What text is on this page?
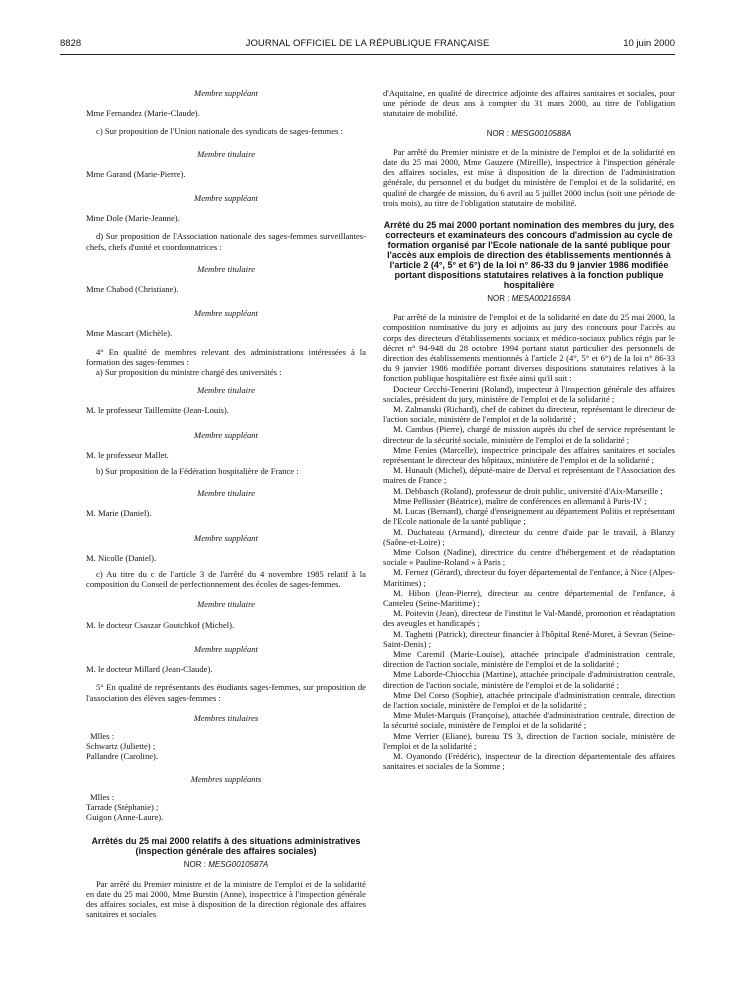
8828	JOURNAL OFFICIEL DE LA RÉPUBLIQUE FRANÇAISE	10 juin 2000

Membre suppléant

Mme Fernandez (Marie-Claude).

c) Sur proposition de l'Union nationale des syndicats de sages-femmes :

Membre titulaire

Mme Garand (Marie-Pierre).

Membre suppléant

Mme Dole (Marie-Jeanne).

d) Sur proposition de l'Association nationale des sages-femmes surveillantes-chefs, chefs d'unité et coordonnatrices :

Membre titulaire

Mme Chabod (Christiane).

Membre suppléant

Mme Mascart (Michèle).

4° En qualité de membres relevant des administrations intéressées à la formation des sages-femmes :

a) Sur proposition du ministre chargé des universités :

Membre titulaire

M. le professeur Taillemitte (Jean-Louis).

Membre suppléant

M. le professeur Mallet.

b) Sur proposition de la Fédération hospitalière de France :

Membre titulaire

M. Marie (Daniel).

Membre suppléant

M. Nicolle (Daniel).

c) Au titre du c de l'article 3 de l'arrêté du 4 novembre 1985 relatif à la composition du Conseil de perfectionnement des écoles de sages-femmes.

Membre titulaire

M. le docteur Csaszar Goutchkof (Michel).

Membre suppléant

M. le docteur Millard (Jean-Claude).

5° En qualité de représentants des étudiants sages-femmes, sur proposition de l'association des élèves sages-femmes :

Membres titulaires

Mlles :

Schwartz (Juliette) ;

Pallandre (Caroline).

Membres suppléants

Mlles :

Tarrade (Stéphanie) ;

Guigon (Anne-Laure).

Arrêtés du 25 mai 2000 relatifs à des situations administratives (inspection générale des affaires sociales)

NOR : MESG0010587A

Par arrêté du Premier ministre et de la ministre de l'emploi et de la solidarité en date du 25 mai 2000, Mme Burstin (Anne), inspectrice à l'inspection générale des affaires sociales, est mise à disposition de la direction régionale des affaires sanitaires et sociales

d'Aquitaine, en qualité de directrice adjointe des affaires sanitaires et sociales, pour une période de deux ans à compter du 31 mars 2000, au titre de l'obligation statutaire de mobilité.

NOR : MESG0010588A

Par arrêté du Premier ministre et de la ministre de l'emploi et de la solidarité en date du 25 mai 2000, Mme Gauzere (Mireille), inspectrice à l'inspection générale des affaires sociales, est mise à disposition de la direction de l'administration générale, du personnel et du budget du ministère de l'emploi et de la solidarité, en qualité de chargée de mission, du 6 avril au 5 juillet 2000 inclus (soit une période de trois mois), au titre de l'obligation statutaire de mobilité.

Arrêté du 25 mai 2000 portant nomination des membres du jury, des correcteurs et examinateurs des concours d'admission au cycle de formation organisé par l'Ecole nationale de la santé publique pour l'accès aux emplois de direction des établissements mentionnés à l'article 2 (4°, 5° et 6°) de la loi n° 86-33 du 9 janvier 1986 modifiée portant dispositions statutaires relatives à la fonction publique hospitalière

NOR : MESA0021659A

Par arrêté de la ministre de l'emploi et de la solidarité en date du 25 mai 2000, la composition nominative du jury et adjoints au jury des concours pour l'accès au corps des directeurs d'établissements sociaux et médico-sociaux publics régis par le décret n° 94-948 du 28 octobre 1994 portant statut particulier des personnels de direction des établissements mentionnés à l'article 2 (4°, 5° et 6°) de la loi n° 86-33 du 9 janvier 1986 modifiée portant diverses dispositions statutaires relatives à la fonction publique hospitalière est fixée ainsi qu'il suit :

Docteur Cecchi-Tenerini (Roland), inspecteur à l'inspection générale des affaires sociales, président du jury, ministère de l'emploi et de la solidarité ;

M. Zalmanski (Richard), chef de cabinet du directeur, représentant le directeur de l'action sociale, ministère de l'emploi et de la solidarité ;

M. Cambus (Pierre), chargé de mission auprès du chef de service représentant le directeur de la sécurité sociale, ministère de l'emploi et de la solidarité ;

Mme Fenies (Marcelle), inspectrice principale des affaires sanitaires et sociales représentant le directeur des hôpitaux, ministère de l'emploi et de la solidarité ;

M. Hunault (Michel), député-maire de Derval et représentant de l'Association des maires de France ;

M. Debbasch (Roland), professeur de droit public, université d'Aix-Marseille ;

Mme Pellissier (Béatrice), maître de conférences en allemand à Paris-IV ;

M. Lucas (Bernard), chargé d'enseignement au département Politis et représentant de l'Ecole nationale de la santé publique ;

M. Duchateau (Armand), directeur du centre d'aide par le travail, à Blanzy (Saône-et-Loire) ;

Mme Colson (Nadine), directrice du centre d'hébergement et de réadaptation sociale « Pauline-Roland » à Paris ;

M. Fernez (Gérard), directeur du foyer départemental de l'enfance, à Nice (Alpes-Maritimes) ;

M. Hibon (Jean-Pierre), directeur au centre départemental de l'enfance, à Canteleu (Seine-Maritime) ;

M. Poitevin (Jean), directeur de l'institut le Val-Mandé, promotion et réadaptation des aveugles et handicapés ;

M. Taghetti (Patrick), directeur financier à l'hôpital René-Muret, à Sevran (Seine-Saint-Denis) ;

Mme Caremil (Marie-Louise), attachée principale d'administration centrale, direction de l'action sociale, ministère de l'emploi et de la solidarité ;

Mme Laborde-Chiocchia (Martine), attachée principale d'administration centrale, direction de l'action sociale, ministère de l'emploi et de la solidarité ;

Mme Del Corso (Sophie), attachée principale d'administration centrale, direction de l'action sociale, ministère de l'emploi et de la solidarité ;

Mme Mulet-Marquis (Françoise), attachée d'administration centrale, direction de la sécurité sociale, ministère de l'emploi et de la solidarité ;

Mme Verrier (Eliane), bureau TS 3, direction de l'action sociale, ministère de l'emploi et de la solidarité ;

M. Oyanondo (Frédéric), inspecteur de la direction départementale des affaires sanitaires et sociales de la Somme ;
